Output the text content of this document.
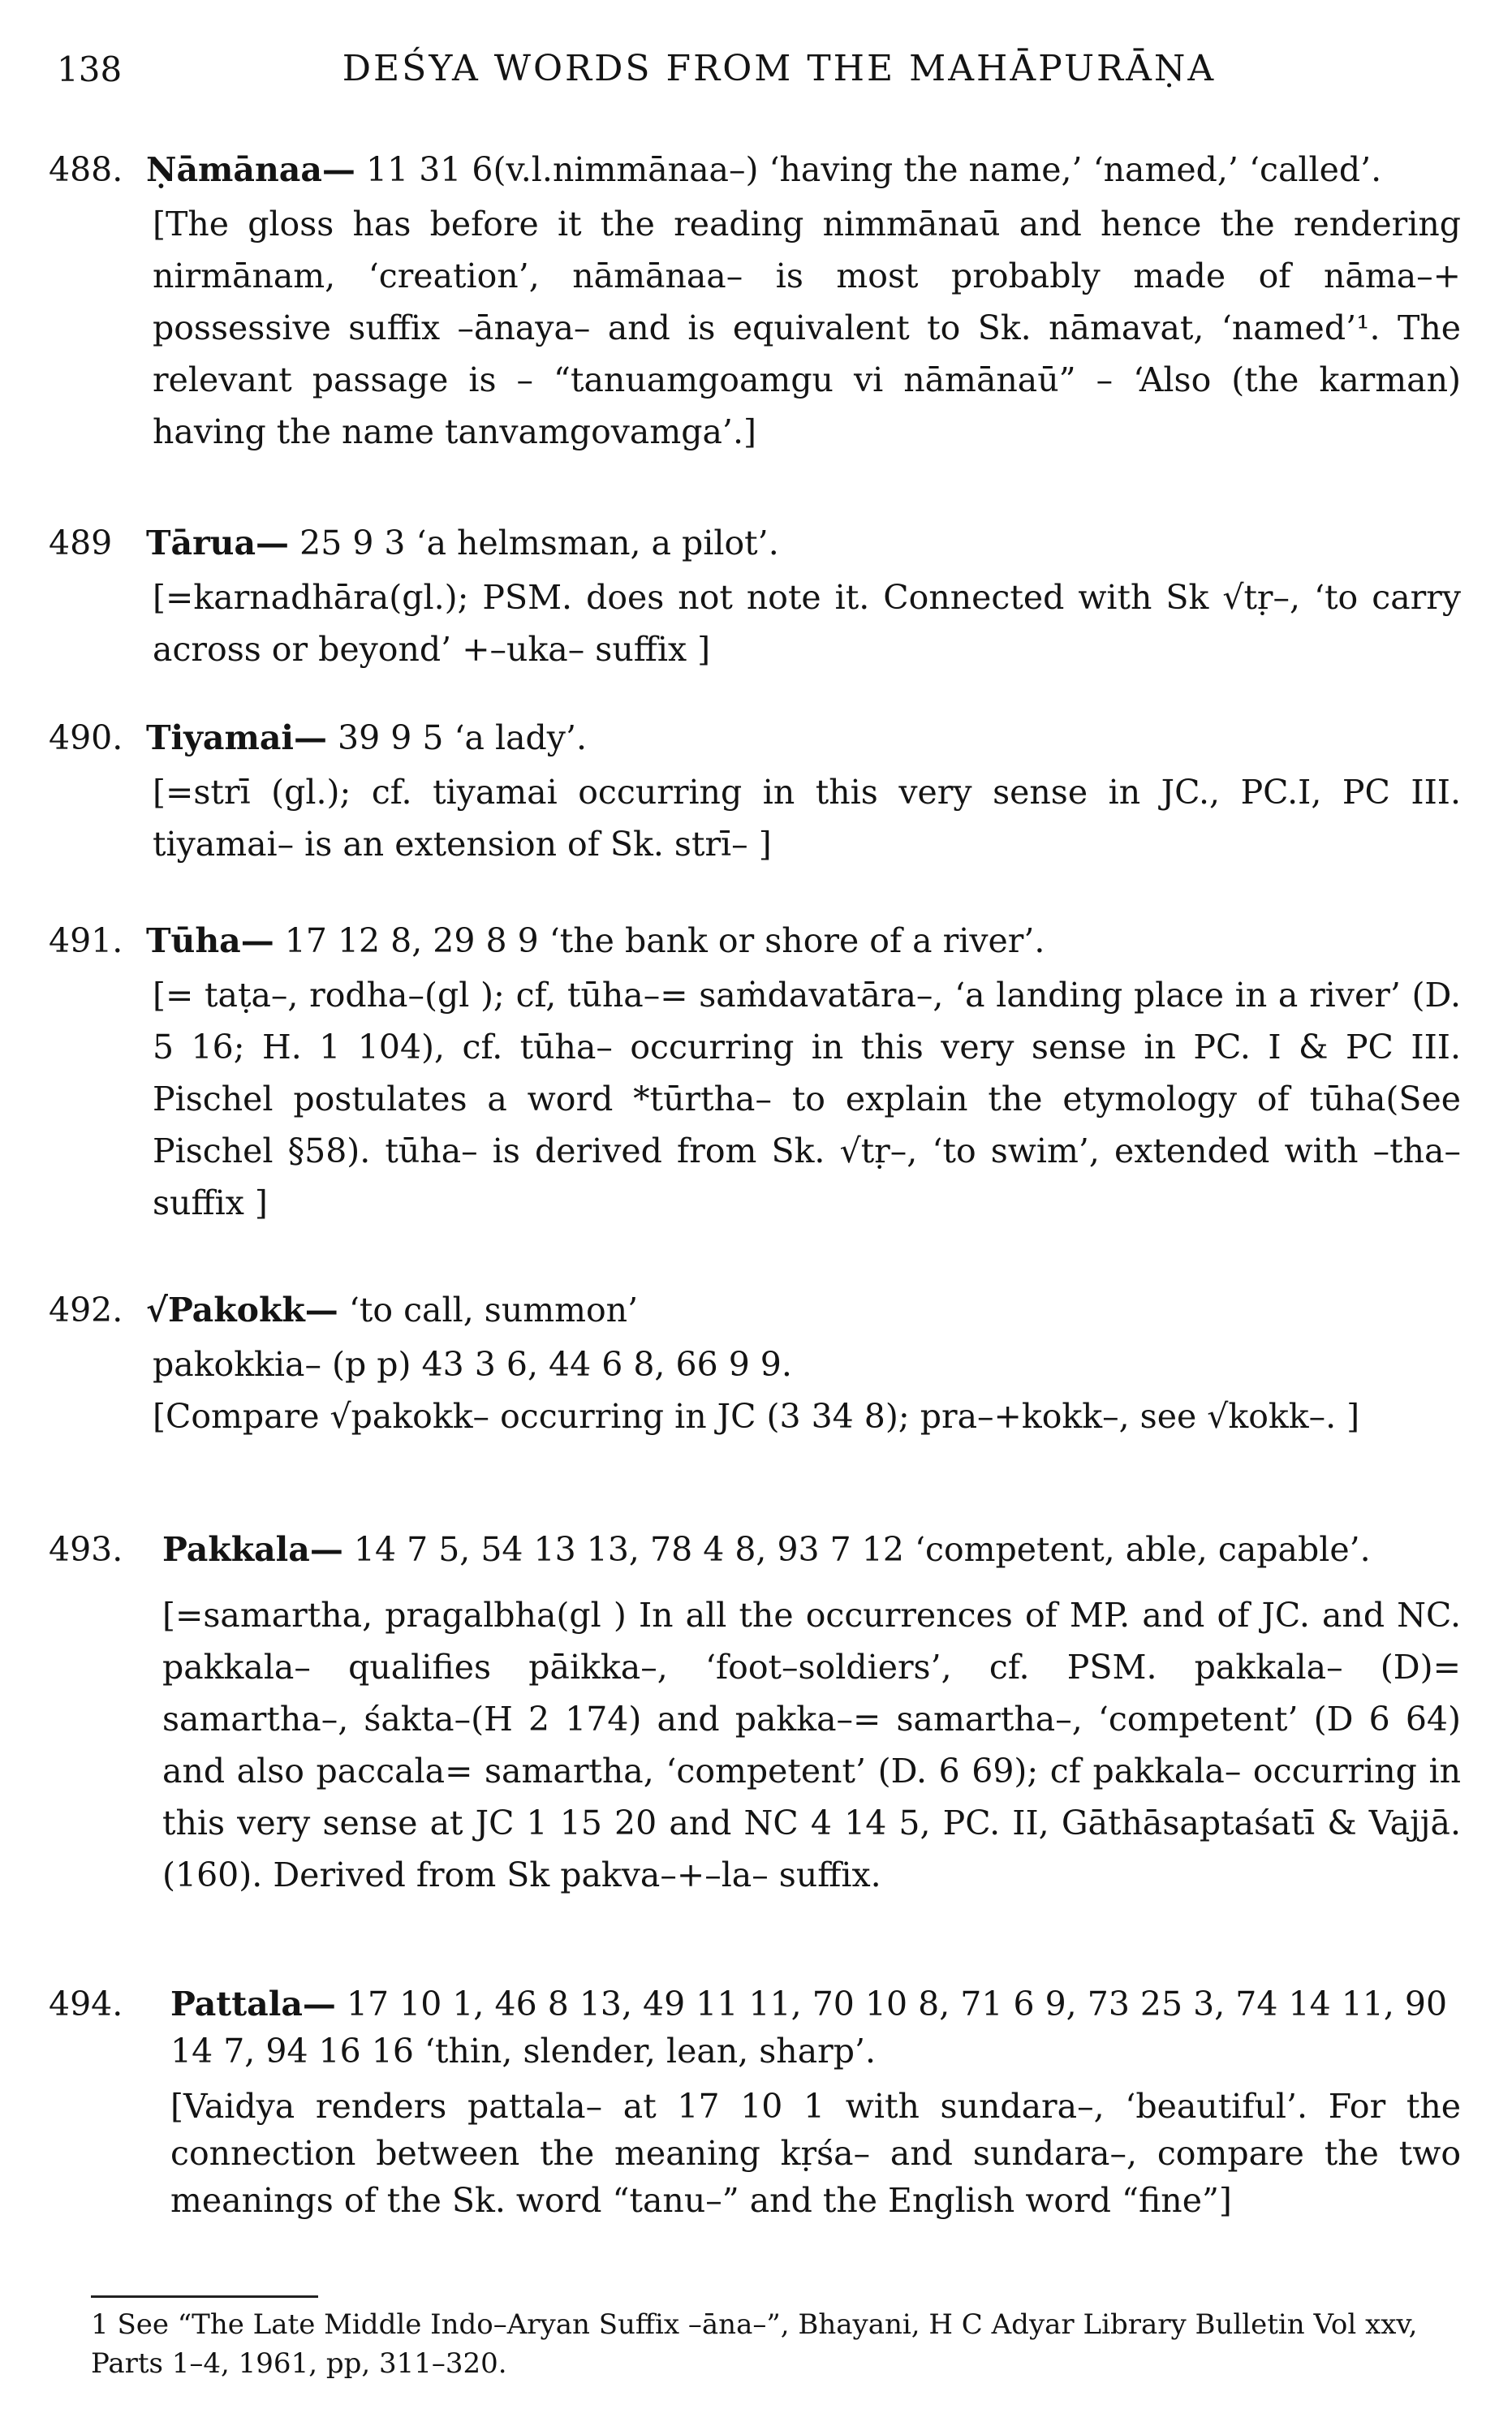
138	DEŚYA WORDS FROM THE MAHĀPURĀṆA
488. Ṇāmānaa— 11 31 6(v.l.nimmānaa–) ‘having the name,’ ‘named,’ ‘called’.
[The gloss has before it the reading nimmānaū and hence the rendering nirmānam, ‘creation’, nāmānaa– is most probably made of nāma–+ possessive suffix –ānaya– and is equivalent to Sk. nāmavat, ‘named’¹. The relevant passage is – “tanuamgoamgu vi nāmānaū” – ‘Also (the karman) having the name tanvamgovamga’.]
489 Tārua— 25 9 3 ‘a helmsman, a pilot’.
[=karnadhāra(gl.); PSM. does not note it. Connected with Sk √tṛ–, ‘to carry across or beyond’ +–uka– suffix ]
490. Tiyamai— 39 9 5 ‘a lady’.
[=strī (gl.); cf. tiyamai occurring in this very sense in JC., PC.I, PC III. tiyamai– is an extension of Sk. strī– ]
491. Tūha— 17 12 8, 29 8 9 ‘the bank or shore of a river’.
[= taṭa–, rodha–(gl ); cf, tūha–= saṁdavatāra–, ‘a landing place in a river’ (D. 5 16; H. 1 104), cf. tūha– occurring in this very sense in PC. I & PC III. Pischel postulates a word *tūrtha– to explain the etymology of tūha(See Pischel §58). tūha– is derived from Sk. √tṛ–, ‘to swim’, extended with –tha– suffix ]
492. √Pakokk— ‘to call, summon’
pakokkia– (p p) 43 3 6, 44 6 8, 66 9 9.
[Compare √pakokk– occurring in JC (3 34 8); pra–+kokk–, see √kokk–. ]
493. Pakkala— 14 7 5, 54 13 13, 78 4 8, 93 7 12 ‘competent, able, capable’.
[=samartha, pragalbha(gl ) In all the occurrences of MP. and of JC. and NC. pakkala– qualifies pāikka–, ‘foot–soldiers’, cf. PSM. pakkala– (D)= samartha–, śakta–(H 2 174) and pakka–= samartha–, ‘competent’ (D 6 64) and also paccala= samartha, ‘competent’ (D. 6 69); cf pakkala– occurring in this very sense at JC 1 15 20 and NC 4 14 5, PC. II, Gāthāsaptaśatī & Vajjā. (160). Derived from Sk pakva–+–la– suffix.
494. Pattala— 17 10 1, 46 8 13, 49 11 11, 70 10 8, 71 6 9, 73 25 3, 74 14 11, 90 14 7, 94 16 16 ‘thin, slender, lean, sharp’.
[Vaidya renders pattala– at 17 10 1 with sundara–, ‘beautiful’. For the connection between the meaning kṛśa– and sundara–, compare the two meanings of the Sk. word “tanu–” and the English word “fine”]
1 See “The Late Middle Indo–Aryan Suffix –āna–”, Bhayani, H C Adyar Library Bulletin Vol xxv, Parts 1–4, 1961, pp, 311–320.
